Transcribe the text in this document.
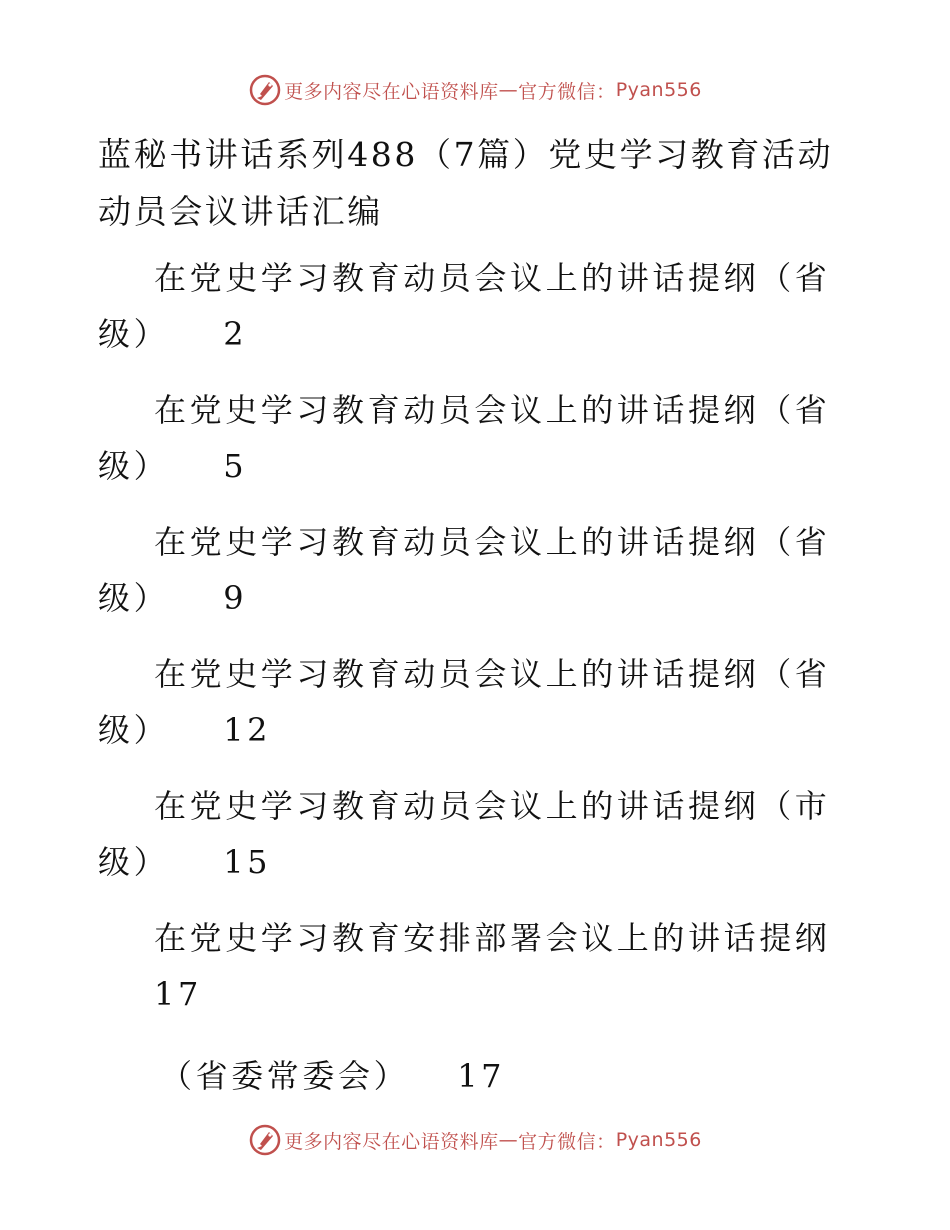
更多内容尽在心语资料库 — 官方微信： Pyan556
蓝秘书讲话系列488（7篇）党史学习教育活动动员会议讲话汇编

在党史学习教育动员会议上的讲话提纲（省
级） 2

在党史学习教育动员会议上的讲话提纲（省
级） 5

在党史学习教育动员会议上的讲话提纲（省
级） 9

在党史学习教育动员会议上的讲话提纲（省
级） 12

在党史学习教育动员会议上的讲话提纲（市
级） 15

在党史学习教育安排部署会议上的讲话提纲
17

（省委常委会） 17
更多内容尽在心语资料库 — 官方微信： Pyan556
